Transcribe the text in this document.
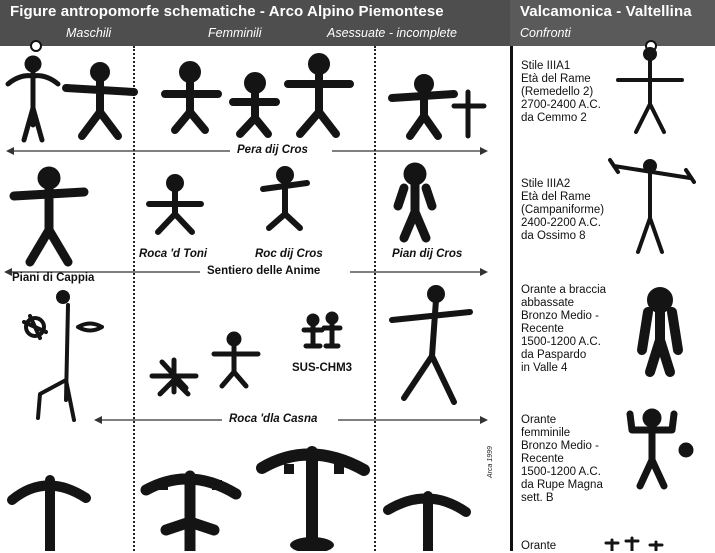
Figure antropomorfe schematiche - Arco Alpino Piemontese
Maschili	Femminili	Asessuate - incomplete
Valcamonica - Valtellina
Confronti
Pera dij Cros
Piani di Cappia
Roca 'd Toni	Roc dij Cros	Pian dij Cros
Sentiero delle Anime
SUS-CHM3
Roca 'dla Casna
Stile IIIA1
Età del Rame
(Remedello 2)
2700-2400 A.C.
da Cemmo 2
Stile IIIA2
Età del Rame
(Campaniforme)
2400-2200 A.C.
da Ossimo 8
Orante a braccia
abbassate
Bronzo Medio -
Recente
1500-1200 A.C.
da Paspardo
in Valle 4
Orante
femminile
Bronzo Medio -
Recente
1500-1200 A.C.
da Rupe Magna
sett. B
Orante
Arca 1999
